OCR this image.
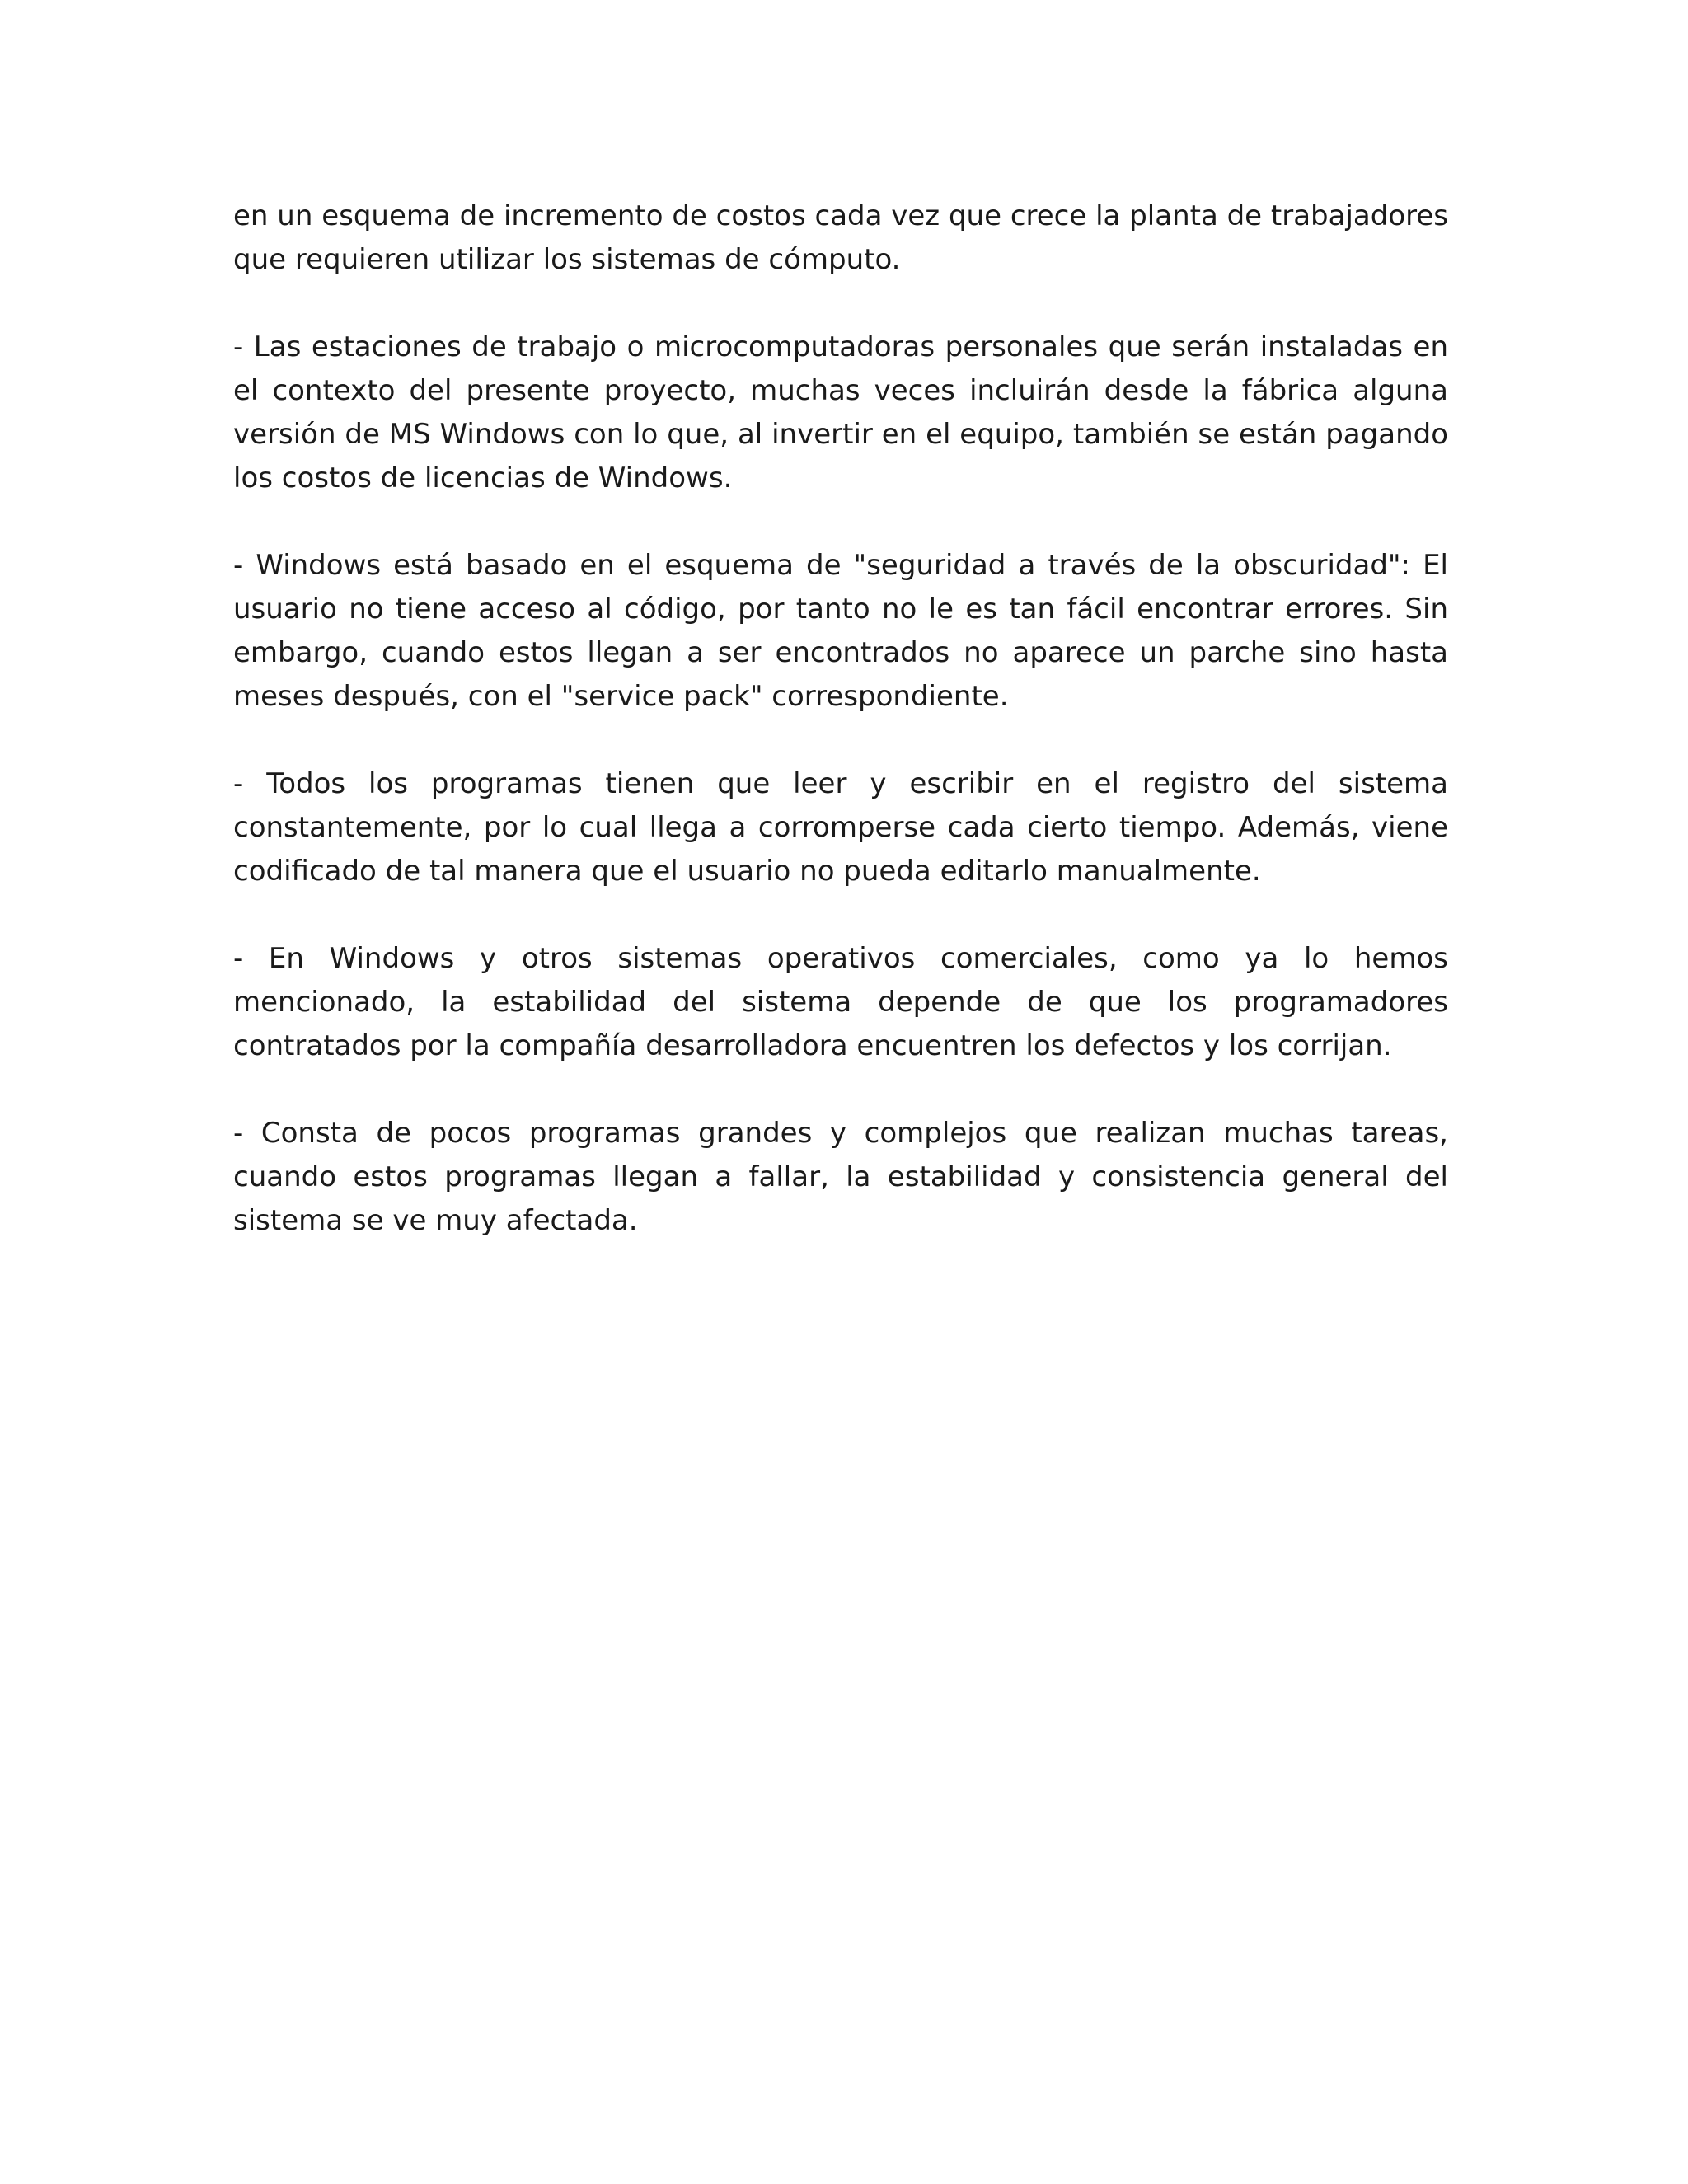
en un esquema de incremento de costos cada vez que crece la planta de trabajadores que requieren utilizar los sistemas de cómputo.

- Las estaciones de trabajo o microcomputadoras personales que serán instaladas en el contexto del presente proyecto, muchas veces incluirán desde la fábrica alguna versión de MS Windows con lo que, al invertir en el equipo, también se están pagando los costos de licencias de Windows.

- Windows está basado en el esquema de "seguridad a través de la obscuridad": El usuario no tiene acceso al código, por tanto no le es tan fácil encontrar errores. Sin embargo, cuando estos llegan a ser encontrados no aparece un parche sino hasta meses después, con el "service pack" correspondiente.

- Todos los programas tienen que leer y escribir en el registro del sistema constantemente, por lo cual llega a corromperse cada cierto tiempo. Además, viene codificado de tal manera que el usuario no pueda editarlo manualmente.

- En Windows y otros sistemas operativos comerciales, como ya lo hemos mencionado, la estabilidad del sistema depende de que los programadores contratados por la compañía desarrolladora encuentren los defectos y los corrijan.

- Consta de pocos programas grandes y complejos que realizan muchas tareas, cuando estos programas llegan a fallar, la estabilidad y consistencia general del sistema se ve muy afectada.
